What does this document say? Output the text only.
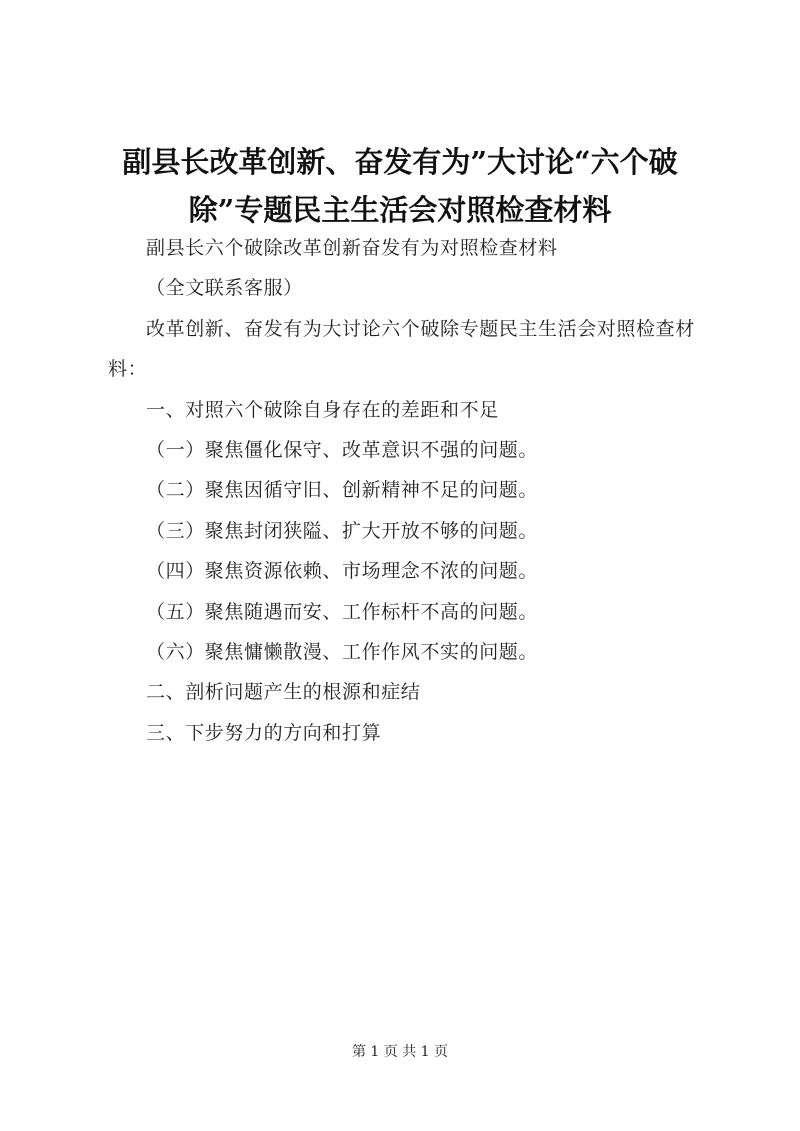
副县长改革创新、奋发有为”大讨论“六个破除”专题民主生活会对照检查材料

副县长六个破除改革创新奋发有为对照检查材料

（全文联系客服）

改革创新、奋发有为大讨论六个破除专题民主生活会对照检查材料：

一、对照六个破除自身存在的差距和不足

（一）聚焦僵化保守、改革意识不强的问题。

（二）聚焦因循守旧、创新精神不足的问题。

（三）聚焦封闭狭隘、扩大开放不够的问题。

（四）聚焦资源依赖、市场理念不浓的问题。

（五）聚焦随遇而安、工作标杆不高的问题。

（六）聚焦慵懒散漫、工作作风不实的问题。

二、剖析问题产生的根源和症结

三、下步努力的方向和打算

第 1 页 共 1 页
